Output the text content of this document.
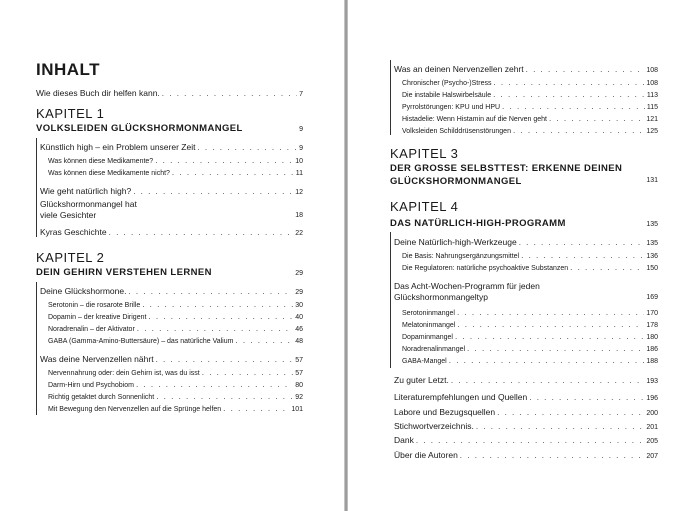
INHALT
Wie dieses Buch dir helfen kann. . . .	7
KAPITEL 1
VOLKSLEIDEN GLÜCKSHORMONMANGEL	9
Künstlich high – ein Problem unserer Zeit . . .	9
Was können diese Medikamente? . . .	10
Was können diese Medikamente nicht? . . .	11
Wie geht natürlich high? . . .	12
Glückshormonmangel hat
viele Gesichter	18
Kyras Geschichte . . .	22
KAPITEL 2
DEIN GEHIRN VERSTEHEN LERNEN	29
Deine Glückshormone. . . .	29
Serotonin – die rosarote Brille . . .	30
Dopamin – der kreative Dirigent . . .	40
Noradrenalin – der Aktivator . . .	46
GABA (Gamma-Amino-Buttersäure) – das natürliche Valium . . .	48
Was deine Nervenzellen nährt . . .	57
Nervennahrung oder: dein Gehirn ist, was du isst . . .	57
Darm-Hirn und Psychobiom . . .	80
Richtig getaktet durch Sonnenlicht . . .	92
Mit Bewegung den Nervenzellen auf die Sprünge helfen . . .	101
Was an deinen Nervenzellen zehrt . . .	108
Chronischer (Psycho-)Stress . . .	108
Die instabile Halswirbelsäule . . .	113
Pyrrolstörungen: KPU und HPU . . .	115
Histadelie: Wenn Histamin auf die Nerven geht . . .	121
Volksleiden Schilddrüsenstörungen . . .	125
KAPITEL 3
DER GROSSE SELBSTTEST: ERKENNE DEINEN
GLÜCKSHORMONMANGEL	131
KAPITEL 4
DAS NATÜRLICH-HIGH-PROGRAMM	135
Deine Natürlich-high-Werkzeuge . . .	135
Die Basis: Nahrungsergänzungsmittel . . .	136
Die Regulatoren: natürliche psychoaktive Substanzen . . .	150
Das Acht-Wochen-Programm für jeden
Glückshormonmangeltyp	169
Serotoninmangel . . .	170
Melatoninmangel . . .	178
Dopaminmangel . . .	180
Noradrenalinmangel . . .	186
GABA-Mangel . . .	188
Zu guter Letzt. . . .	193
Literaturempfehlungen und Quellen . . .	196
Labore und Bezugsquellen . . .	200
Stichwortverzeichnis. . . .	201
Dank . . .	205
Über die Autoren . . .	207
